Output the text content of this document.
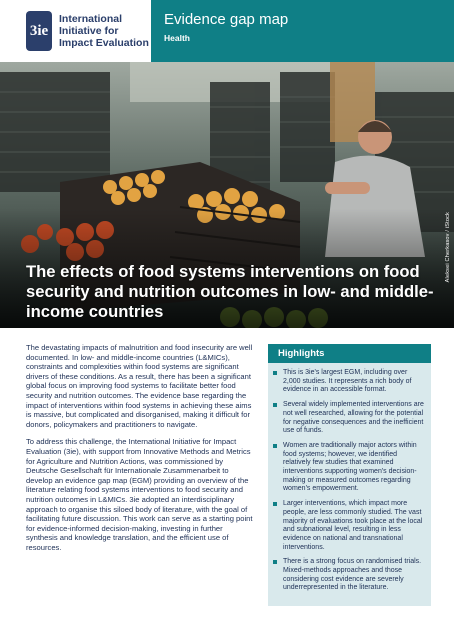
3ie
International Initiative for Impact Evaluation
Evidence gap map
Health
Aleksei Cherkasov / iStock
The effects of food systems interventions on food security and nutrition outcomes in low- and middle- income countries

The devastating impacts of malnutrition and food insecurity are well documented. In low- and middle-income countries (L&MICs), constraints and complexities within food systems are significant drivers of these conditions. As a result, there has been a significant global focus on improving food systems to facilitate better food security and nutrition outcomes. The evidence base regarding the impact of interventions within food systems in achieving these aims is massive, but complicated and disorganised, making it difficult for donors, policymakers and practitioners to navigate.

To address this challenge, the International Initiative for Impact Evaluation (3ie), with support from Innovative Methods and Metrics for Agriculture and Nutrition Actions, was commissioned by Deutsche Gesellschaft für Internationale Zusammenarbeit to develop an evidence gap map (EGM) providing an overview of the literature relating food systems interventions to food security and nutrition outcomes in L&MICs. 3ie adopted an interdisciplinary approach to organise this siloed body of literature, with the goal of facilitating future discussion. This work can serve as a starting point for evidence-informed decision-making, investing in further synthesis and knowledge translation, and the efficient use of resources.

Highlights
This is 3ie's largest EGM, including over 2,000 studies. It represents a rich body of evidence in an accessible format.
Several widely implemented interventions are not well researched, allowing for the potential for negative consequences and the inefficient use of funds.
Women are traditionally major actors within food systems; however, we identified relatively few studies that examined interventions supporting women's decision-making or measured outcomes regarding women's empowerment.
Larger interventions, which impact more people, are less commonly studied. The vast majority of evaluations took place at the local and subnational level, resulting in less evidence on national and transnational interventions.
There is a strong focus on randomised trials. Mixed-methods approaches and those considering cost evidence are severely underrepresented in the literature.
